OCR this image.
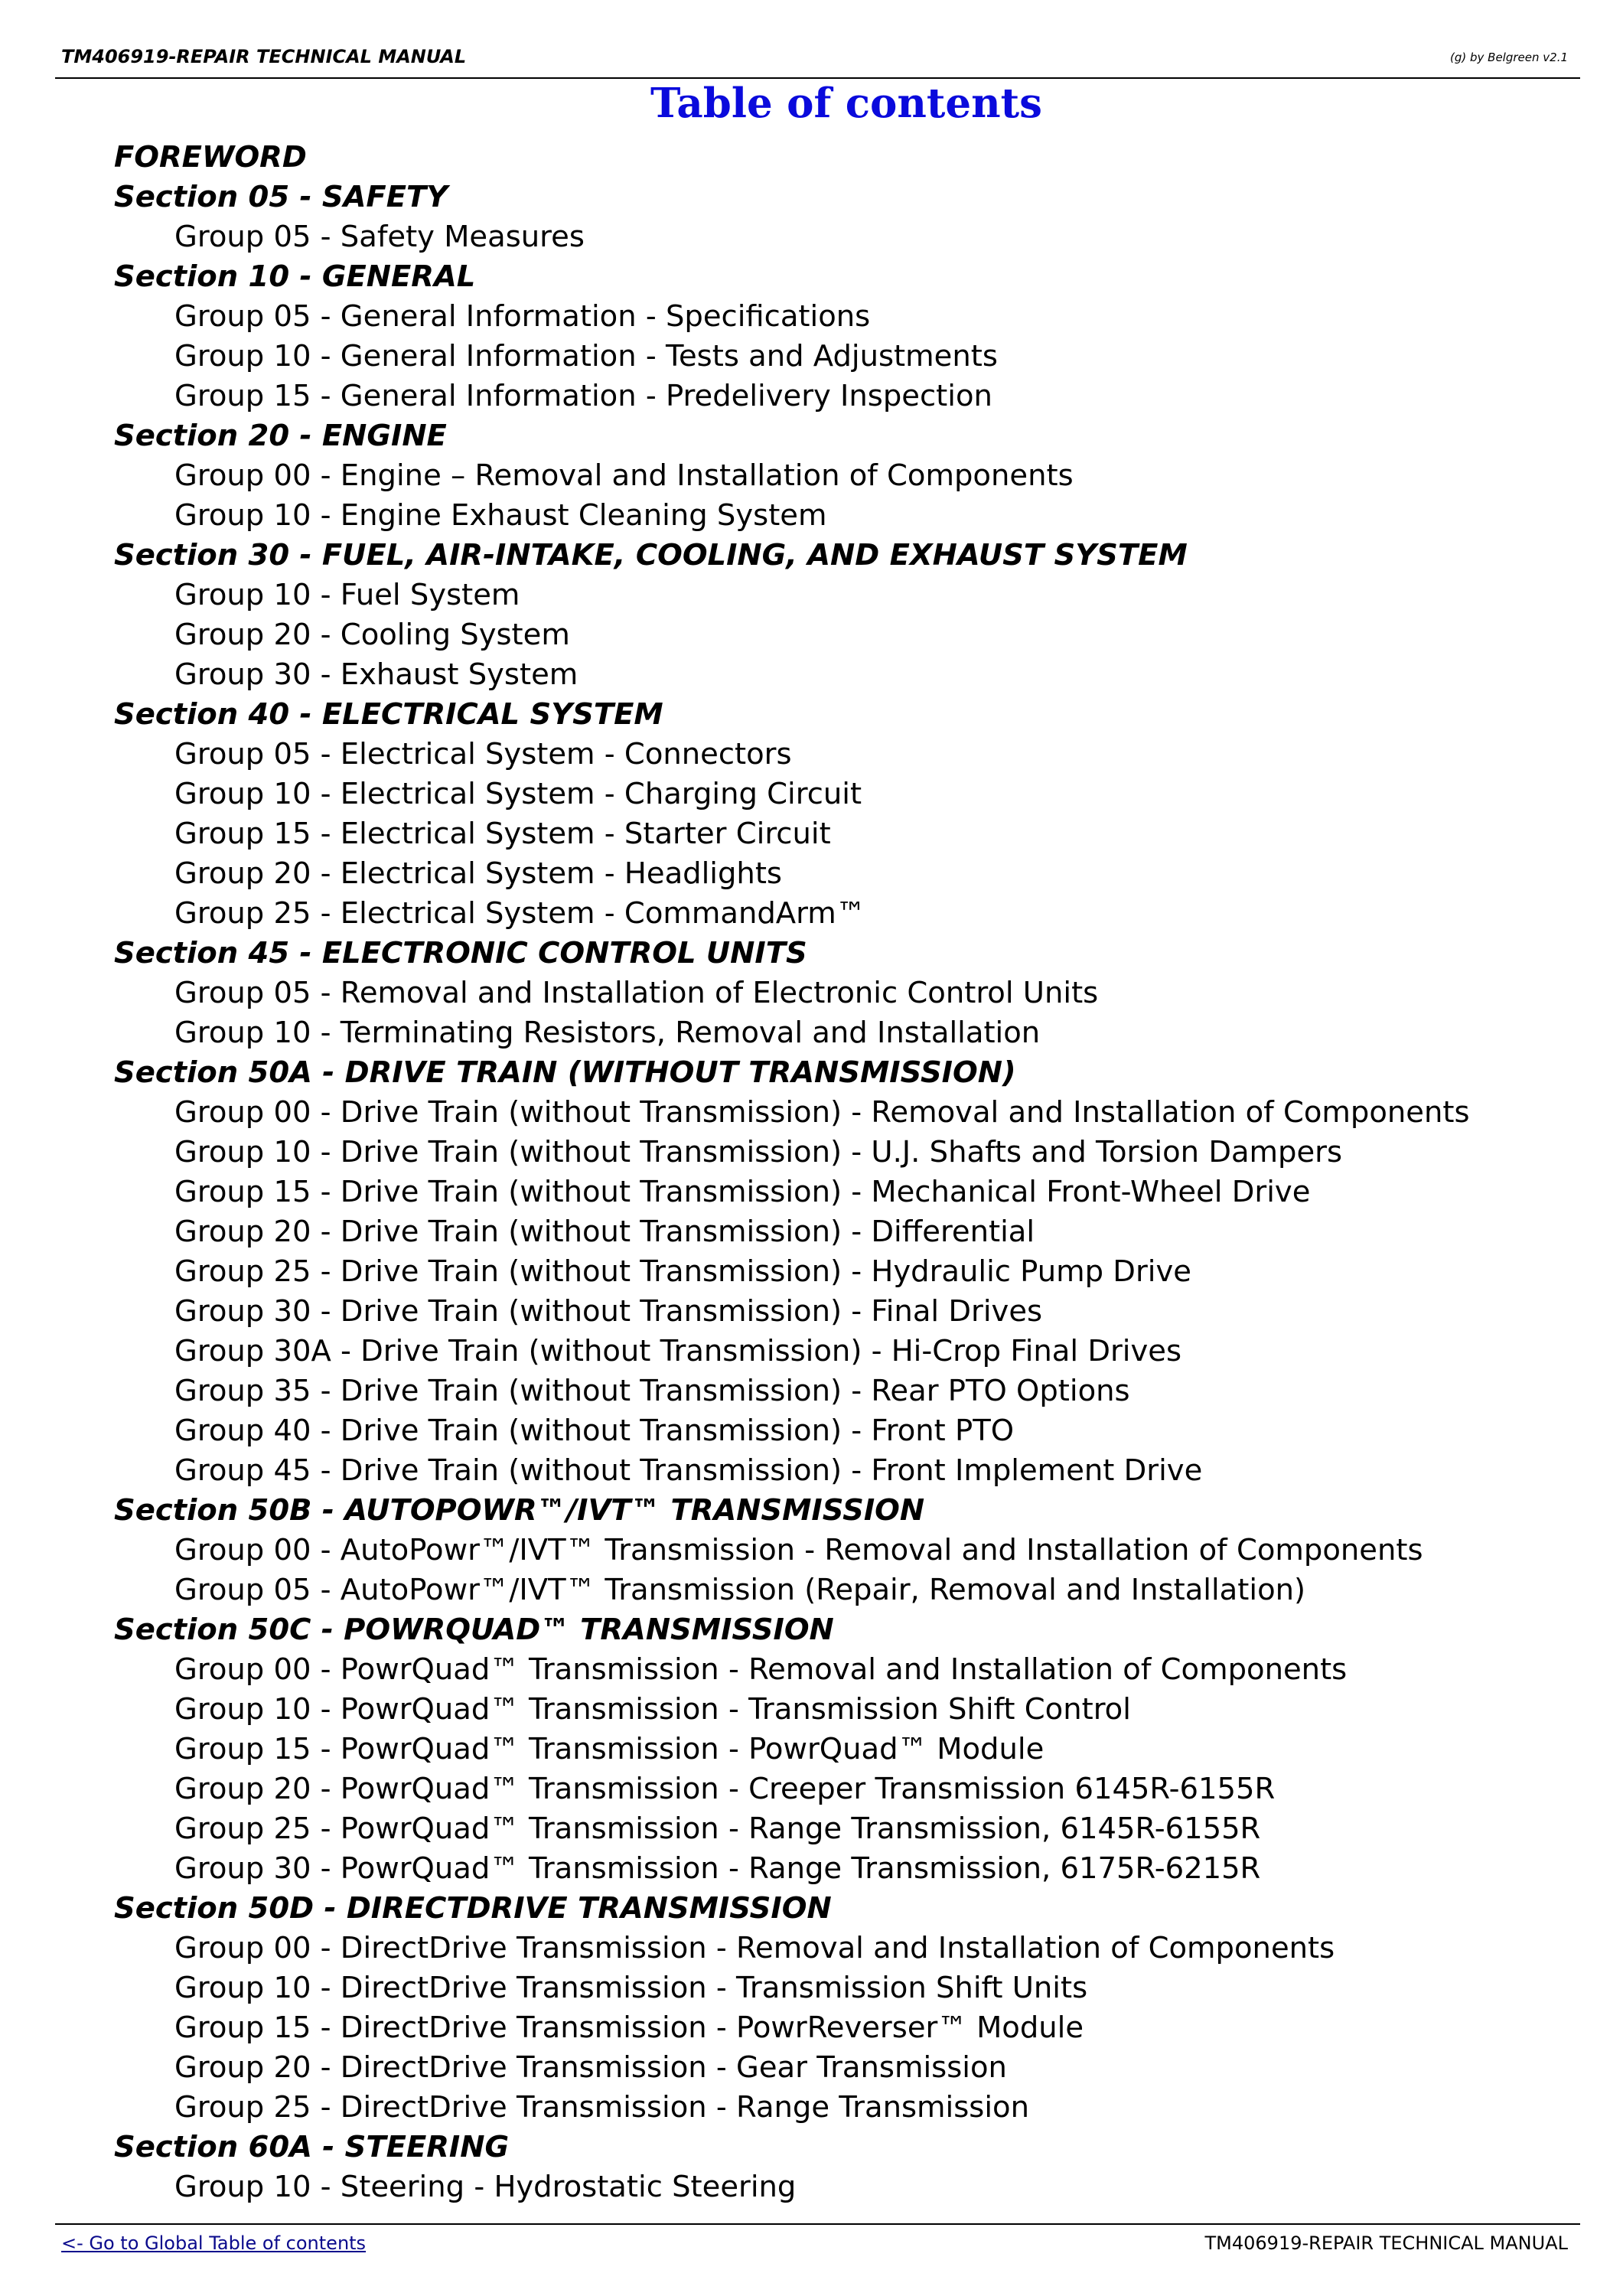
TM406919-REPAIR TECHNICAL MANUAL	(g) by Belgreen v2.1
Table of contents
FOREWORD
Section 05 - SAFETY
Group 05 - Safety Measures
Section 10 - GENERAL
Group 05 - General Information - Specifications
Group 10 - General Information - Tests and Adjustments
Group 15 - General Information - Predelivery Inspection
Section 20 - ENGINE
Group 00 - Engine – Removal and Installation of Components
Group 10 - Engine Exhaust Cleaning System
Section 30 - FUEL, AIR-INTAKE, COOLING, AND EXHAUST SYSTEM
Group 10 - Fuel System
Group 20 - Cooling System
Group 30 - Exhaust System
Section 40 - ELECTRICAL SYSTEM
Group 05 - Electrical System - Connectors
Group 10 - Electrical System - Charging Circuit
Group 15 - Electrical System - Starter Circuit
Group 20 - Electrical System - Headlights
Group 25 - Electrical System - CommandArm™
Section 45 - ELECTRONIC CONTROL UNITS
Group 05 - Removal and Installation of Electronic Control Units
Group 10 - Terminating Resistors, Removal and Installation
Section 50A - DRIVE TRAIN (WITHOUT TRANSMISSION)
Group 00 - Drive Train (without Transmission) - Removal and Installation of Components
Group 10 - Drive Train (without Transmission) - U.J. Shafts and Torsion Dampers
Group 15 - Drive Train (without Transmission) - Mechanical Front-Wheel Drive
Group 20 - Drive Train (without Transmission) - Differential
Group 25 - Drive Train (without Transmission) - Hydraulic Pump Drive
Group 30 - Drive Train (without Transmission) - Final Drives
Group 30A - Drive Train (without Transmission) - Hi-Crop Final Drives
Group 35 - Drive Train (without Transmission) - Rear PTO Options
Group 40 - Drive Train (without Transmission) - Front PTO
Group 45 - Drive Train (without Transmission) - Front Implement Drive
Section 50B - AUTOPOWR™/IVT™ TRANSMISSION
Group 00 - AutoPowr™/IVT™ Transmission - Removal and Installation of Components
Group 05 - AutoPowr™/IVT™ Transmission (Repair, Removal and Installation)
Section 50C - POWRQUAD™ TRANSMISSION
Group 00 - PowrQuad™ Transmission - Removal and Installation of Components
Group 10 - PowrQuad™ Transmission - Transmission Shift Control
Group 15 - PowrQuad™ Transmission - PowrQuad™ Module
Group 20 - PowrQuad™ Transmission - Creeper Transmission 6145R-6155R
Group 25 - PowrQuad™ Transmission - Range Transmission, 6145R-6155R
Group 30 - PowrQuad™ Transmission - Range Transmission, 6175R-6215R
Section 50D - DIRECTDRIVE TRANSMISSION
Group 00 - DirectDrive Transmission - Removal and Installation of Components
Group 10 - DirectDrive Transmission - Transmission Shift Units
Group 15 - DirectDrive Transmission - PowrReverser™ Module
Group 20 - DirectDrive Transmission - Gear Transmission
Group 25 - DirectDrive Transmission - Range Transmission
Section 60A - STEERING
Group 10 - Steering - Hydrostatic Steering
<- Go to Global Table of contents	TM406919-REPAIR TECHNICAL MANUAL
